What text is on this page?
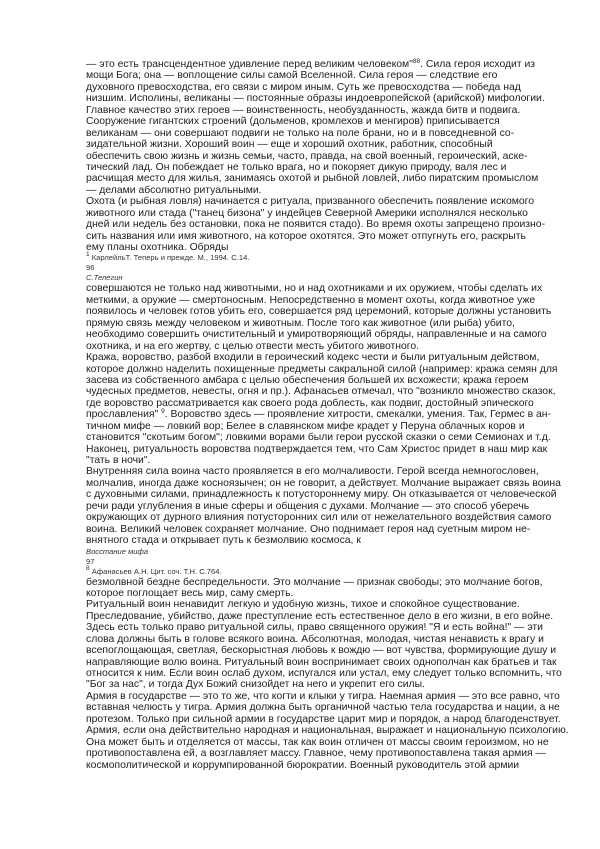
— это есть трансцендентное удивление перед великим человеком"$^{88}$. Сила героя исходит из
мощи Бога; она — воплощение силы самой Вселенной. Сила героя — следствие его
духовного превосходства, его связи с миром иным. Суть же превосходства — победа над
низшим. Исполины, великаны — постоянные образы индоевропейской (арийской) мифологии.
Главное качество этих героев — воинственность, необузданность, жажда битв и подвига.
Сооружение гигантских строений (дольменов, кромлехов и менгиров) приписывается
великанам — они совершают подвиги не только на поле брани, но и в повседневной со-
зидательной жизни. Хороший воин — еще и хороший охотник, работник, способный
обеспечить свою жизнь и жизнь семьи, часто, правда, на свой военный, героический, аске-
тический лад. Он побеждает не только врага, но и покоряет дикую природу, валя лес и
расчищая место для жилья, занимаясь охотой и рыбной ловлей, либо пиратским промыслом
— делами абсолютно ритуальными.
Охота (и рыбная ловля) начинается с ритуала, призванного обеспечить появление искомого
животного или стада ("танец бизона" у индейцев Северной Америки исполнялся несколько
дней или недель без остановки, пока не появится стадо). Во время охоты запрещено произно-
сить названия или имя животного, на которое охотятся. Это может отпугнуть его, раскрыть
ему планы охотника. Обряды
$^1$ КарлейльТ. Теперь и прежде. М., 1994. С.14.
96
С.Телегин
совершаются не только над животными, но и над охотниками и их оружием, чтобы сделать их
меткими, а оружие — смертоносным. Непосредственно в момент охоты, когда животное уже
появилось и человек готов убить его, совершается ряд церемоний, которые должны установить
прямую связь между человеком и животным. После того как животное (или рыба) убито,
необходимо совершить очистительный и умиротворяющий обряды, направленные и на самого
охотника, и на его жертву, с целью отвести месть убитого животного.
Кража, воровство, разбой входили в героический кодекс чести и были ритуальным действом,
которое должно наделить похищенные предметы сакральной силой (например: кража семян для
засева из собственного амбара с целью обеспечения большей их всхожести; кража героем
чудесных предметов, невесты, огня и пр.). Афанасьев отмечал, что "возникло множество сказок,
где воровство рассматривается как своего рода доблесть, как подвиг, достойный эпического
прославления" $^9$. Воровство здесь — проявление хитрости, смекалки, умения. Так, Гермес в ан-
тичном мифе — ловкий вор; Белее в славянском мифе крадет у Перуна облачных коров и
становится "скотьим богом"; ловкими ворами были герои русской сказки о семи Семионах и т.д.
Наконец, ритуальность воровства подтверждается тем, что Сам Христос придет в наш мир как
"тать в ночи".
Внутренняя сила воина часто проявляется в его молчаливости. Герой всегда немногословен,
молчалив, иногда даже косноязычен; он не говорит, а действует. Молчание выражает связь воина
с духовными силами, принадлежность к потустороннему миру. Он отказывается от человеческой
речи ради углубления в иные сферы и общения с духами. Молчание — это способ уберечь
окружающих от дурного влияния потусторонних сил или от нежелательного воздействия самого
воина. Великий человек сохраняет молчание. Оно поднимает героя над суетным миром не-
внятного стада и открывает путь к безмолвию космоса, к
Восстание мифа
97
$^8$ Афанасьев А.Н. Цит. соч. Т.Н. С.764.
безмолвной бездне беспредельности. Это молчание — признак свободы; это молчание богов,
которое поглощает весь мир, саму смерть.
Ритуальный воин ненавидит легкую и удобную жизнь, тихое и спокойное существование.
Преследование, убийство, даже преступление есть естественное дело в его жизни, в его войне.
Здесь есть только право ритуальной силы, право священного оружия! "Я и есть война!" — эти
слова должны быть в голове всякого воина. Абсолютная, молодая, чистая ненависть к врагу и
всепоглощающая, светлая, бескорыстная любовь к вождю — вот чувства, формирующие душу и
направляющие волю воина. Ритуальный воин воспринимает своих однополчан как братьев и так
относится к ним. Если воин ослаб духом, испугался или устал, ему следует только вспомнить, что
"Бог за нас", и тогда Дух Божий снизойдет на него и укрепит его силы.
Армия в государстве — это то же, что когти и клыки у тигра. Наемная армия — это все равно, что
вставная челюсть у тигра. Армия должна быть органичной частью тела государства и нации, а не
протезом. Только при сильной армии в государстве царит мир и порядок, а народ благоденствует.
Армия, если она действительно народная и национальная, выражает и национальную психологию.
Она может быть и отделяется от массы, так как воин отличен от массы своим героизмом, но не
противопоставлена ей, а возглавляет массу. Главное, чему противопоставлена такая армия —
космополитической и коррумпированной бюрократии. Военный руководитель этой армии
